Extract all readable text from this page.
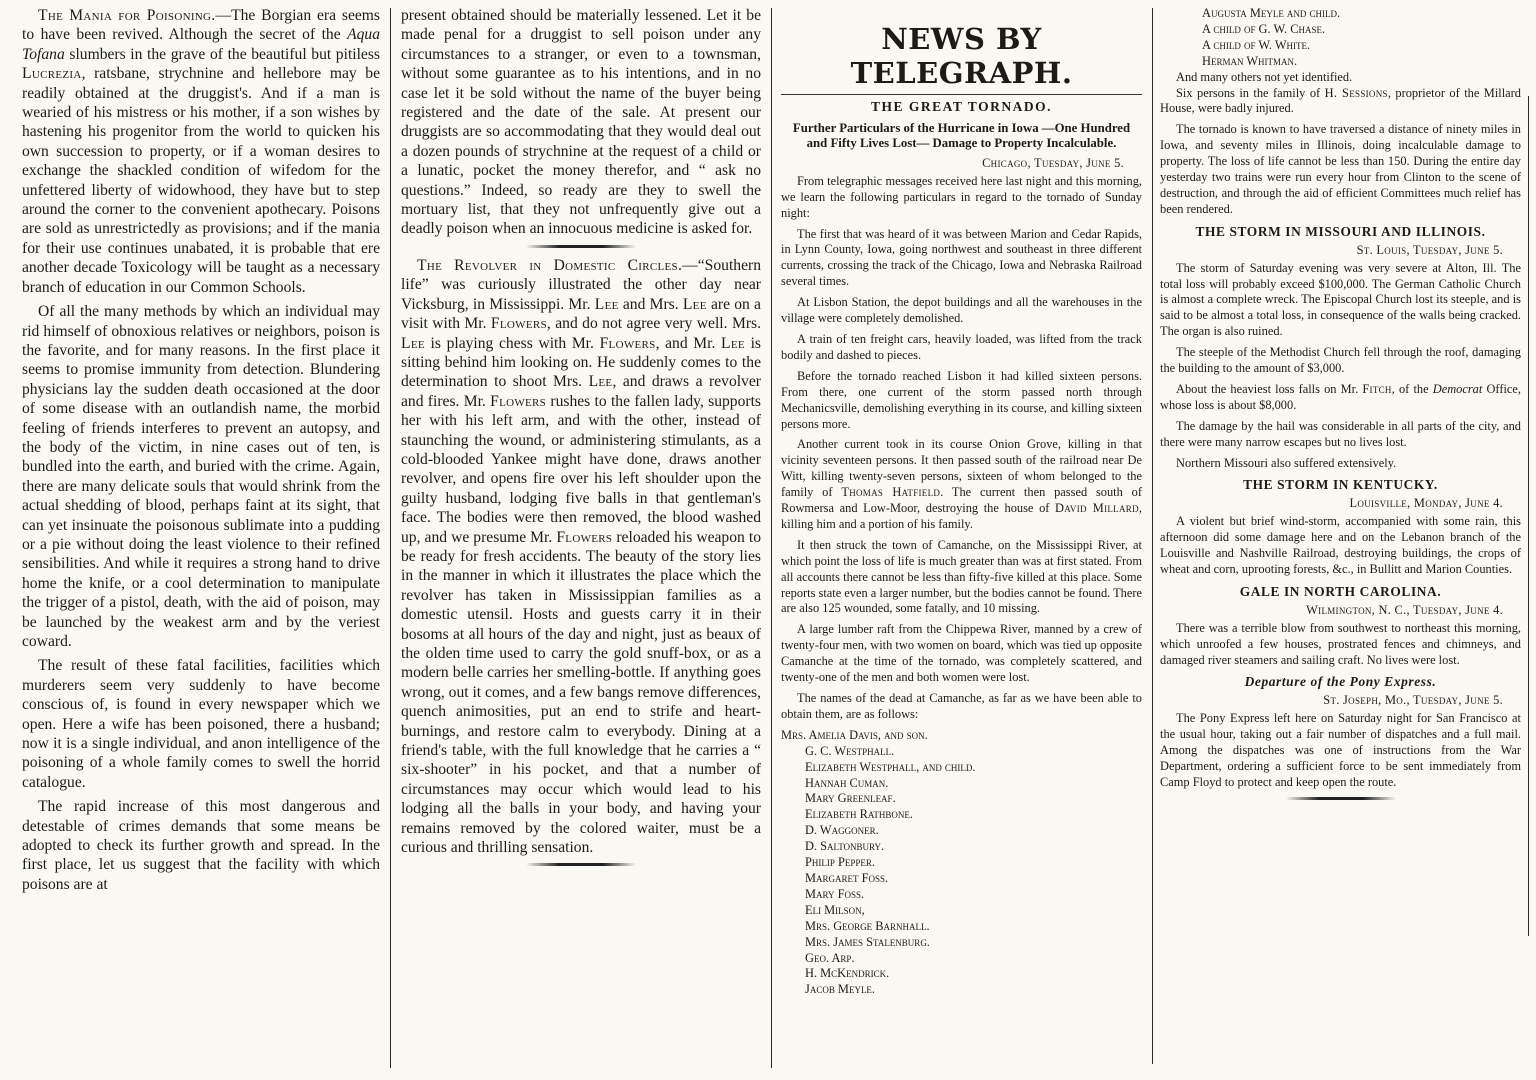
The Mania for Poisoning.—The Borgian era seems to have been revived. Although the secret of the Aqua Tofana slumbers in the grave of the beautiful but pitiless Lucrezia, ratsbane, strychnine and hellebore may be readily obtained at the druggist's. And if a man is wearied of his mistress or his mother, if a son wishes by hastening his progenitor from the world to quicken his own succession to property, or if a woman desires to exchange the shackled condition of wifedom for the unfettered liberty of widowhood, they have but to step around the corner to the convenient apothecary. Poisons are sold as unrestrictedly as provisions; and if the mania for their use continues unabated, it is probable that ere another decade Toxicology will be taught as a necessary branch of education in our Common Schools.

Of all the many methods by which an individual may rid himself of obnoxious relatives or neighbors, poison is the favorite, and for many reasons. In the first place it seems to promise immunity from detection. Blundering physicians lay the sudden death occasioned at the door of some disease with an outlandish name, the morbid feeling of friends interferes to prevent an autopsy, and the body of the victim, in nine cases out of ten, is bundled into the earth, and buried with the crime. Again, there are many delicate souls that would shrink from the actual shedding of blood, perhaps faint at its sight, that can yet insinuate the poisonous sublimate into a pudding or a pie without doing the least violence to their refined sensibilities. And while it requires a strong hand to drive home the knife, or a cool determination to manipulate the trigger of a pistol, death, with the aid of poison, may be launched by the weakest arm and by the veriest coward.

The result of these fatal facilities, facilities which murderers seem very suddenly to have become conscious of, is found in every newspaper which we open. Here a wife has been poisoned, there a husband; now it is a single individual, and anon intelligence of the poisoning of a whole family comes to swell the horrid catalogue.

The rapid increase of this most dangerous and detestable of crimes demands that some means be adopted to check its further growth and spread. In the first place, let us suggest that the facility with which poisons are at

present obtained should be materially lessened. Let it be made penal for a druggist to sell poison under any circumstances to a stranger, or even to a townsman, without some guarantee as to his intentions, and in no case let it be sold without the name of the buyer being registered and the date of the sale. At present our druggists are so accommodating that they would deal out a dozen pounds of strychnine at the request of a child or a lunatic, pocket the money therefor, and “ ask no questions.” Indeed, so ready are they to swell the mortuary list, that they not unfrequently give out a deadly poison when an innocuous medicine is asked for.

The Revolver in Domestic Circles.—“Southern life” was curiously illustrated the other day near Vicksburg, in Mississippi. Mr. Lee and Mrs. Lee are on a visit with Mr. Flowers, and do not agree very well. Mrs. Lee is playing chess with Mr. Flowers, and Mr. Lee is sitting behind him looking on. He suddenly comes to the determination to shoot Mrs. Lee, and draws a revolver and fires. Mr. Flowers rushes to the fallen lady, supports her with his left arm, and with the other, instead of staunching the wound, or administering stimulants, as a cold-blooded Yankee might have done, draws another revolver, and opens fire over his left shoulder upon the guilty husband, lodging five balls in that gentleman's face. The bodies were then removed, the blood washed up, and we presume Mr. Flowers reloaded his weapon to be ready for fresh accidents. The beauty of the story lies in the manner in which it illustrates the place which the revolver has taken in Mississippian families as a domestic utensil. Hosts and guests carry it in their bosoms at all hours of the day and night, just as beaux of the olden time used to carry the gold snuff-box, or as a modern belle carries her smelling-bottle. If anything goes wrong, out it comes, and a few bangs remove differences, quench animosities, put an end to strife and heart-burnings, and restore calm to everybody. Dining at a friend's table, with the full knowledge that he carries a “ six-shooter” in his pocket, and that a number of circumstances may occur which would lead to his lodging all the balls in your body, and having your remains removed by the colored waiter, must be a curious and thrilling sensation.

NEWS BY TELEGRAPH.
THE GREAT TORNADO.
Further Particulars of the Hurricane in Iowa —One Hundred and Fifty Lives Lost— Damage to Property Incalculable.
Chicago, Tuesday, June 5.

From telegraphic messages received here last night and this morning, we learn the following particulars in regard to the tornado of Sunday night:

The first that was heard of it was between Marion and Cedar Rapids, in Lynn County, Iowa, going northwest and southeast in three different currents, crossing the track of the Chicago, Iowa and Nebraska Railroad several times.

At Lisbon Station, the depot buildings and all the warehouses in the village were completely demolished.

A train of ten freight cars, heavily loaded, was lifted from the track bodily and dashed to pieces.

Before the tornado reached Lisbon it had killed sixteen persons. From there, one current of the storm passed north through Mechanicsville, demolishing everything in its course, and killing sixteen persons more.

Another current took in its course Onion Grove, killing in that vicinity seventeen persons. It then passed south of the railroad near De Witt, killing twenty-seven persons, sixteen of whom belonged to the family of Thomas Hatfield. The current then passed south of Rowmersa and Low-Moor, destroying the house of David Millard, killing him and a portion of his family.

It then struck the town of Camanche, on the Mississippi River, at which point the loss of life is much greater than was at first stated. From all accounts there cannot be less than fifty-five killed at this place. Some reports state even a larger number, but the bodies cannot be found. There are also 125 wounded, some fatally, and 10 missing.

A large lumber raft from the Chippewa River, manned by a crew of twenty-four men, with two women on board, which was tied up opposite Camanche at the time of the tornado, was completely scattered, and twenty-one of the men and both women were lost.

The names of the dead at Camanche, as far as we have been able to obtain them, are as follows:

Mrs. Amelia Davis, and son.
G. C. Westphall.
Elizabeth Westphall, and child.
Hannah Cuman.
Mary Greenleaf.
Elizabeth Rathbone.
D. Waggoner.
D. Saltonbury.
Philip Pepper.
Margaret Foss.
Mary Foss.
Eli Milson,
Mrs. George Barnhall.
Mrs. James Stalenburg.
Geo. Arp.
H. McKendrick.
Jacob Meyle.
Augusta Meyle and child.
A child of G. W. Chase.
A child of W. White.
Herman Whitman.
And many others not yet identified.

Six persons in the family of H. Sessions, proprietor of the Millard House, were badly injured.

The tornado is known to have traversed a distance of ninety miles in Iowa, and seventy miles in Illinois, doing incalculable damage to property. The loss of life cannot be less than 150. During the entire day yesterday two trains were run every hour from Clinton to the scene of destruction, and through the aid of efficient Committees much relief has been rendered.

THE STORM IN MISSOURI AND ILLINOIS.
St. Louis, Tuesday, June 5.

The storm of Saturday evening was very severe at Alton, Ill. The total loss will probably exceed $100,000. The German Catholic Church is almost a complete wreck. The Episcopal Church lost its steeple, and is said to be almost a total loss, in consequence of the walls being cracked. The organ is also ruined.

The steeple of the Methodist Church fell through the roof, damaging the building to the amount of $3,000.

About the heaviest loss falls on Mr. Fitch, of the Democrat Office, whose loss is about $8,000.

The damage by the hail was considerable in all parts of the city, and there were many narrow escapes but no lives lost.

Northern Missouri also suffered extensively.

THE STORM IN KENTUCKY.
Louisville, Monday, June 4.

A violent but brief wind-storm, accompanied with some rain, this afternoon did some damage here and on the Lebanon branch of the Louisville and Nashville Railroad, destroying buildings, the crops of wheat and corn, uprooting forests, &c., in Bullitt and Marion Counties.

GALE IN NORTH CAROLINA.
Wilmington, N. C., Tuesday, June 4.

There was a terrible blow from southwest to northeast this morning, which unroofed a few houses, prostrated fences and chimneys, and damaged river steamers and sailing craft. No lives were lost.

Departure of the Pony Express.
St. Joseph, Mo., Tuesday, June 5.

The Pony Express left here on Saturday night for San Francisco at the usual hour, taking out a fair number of dispatches and a full mail. Among the dispatches was one of instructions from the War Department, ordering a sufficient force to be sent immediately from Camp Floyd to protect and keep open the route.
